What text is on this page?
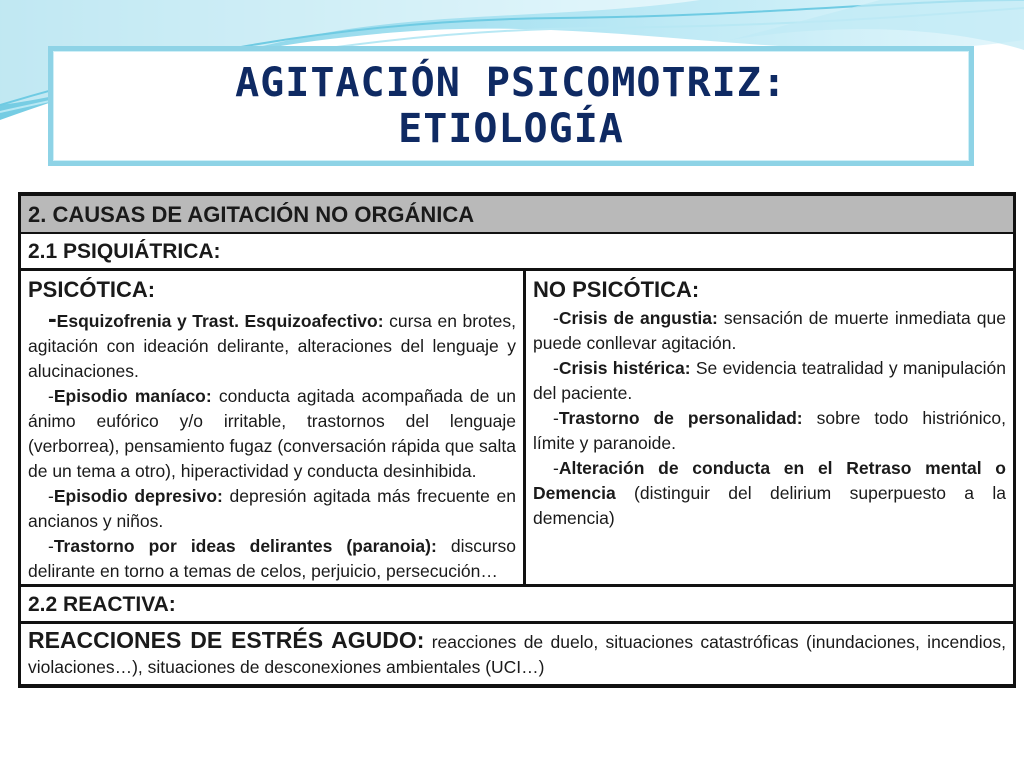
AGITACIÓN PSICOMOTRIZ:
ETIOLOGÍA
2. CAUSAS DE AGITACIÓN NO ORGÁNICA
2.1 PSIQUIÁTRICA:

PSICÓTICA:

-Esquizofrenia y Trast. Esquizoafectivo: cursa en brotes, agitación con ideación delirante, alteraciones del lenguaje y alucinaciones.

-Episodio maníaco: conducta agitada acompañada de un ánimo eufórico y/o irritable, trastornos del lenguaje (verborrea), pensamiento fugaz (conversación rápida que salta de un tema a otro), hiperactividad y conducta desinhibida.

-Episodio depresivo: depresión agitada más frecuente en ancianos y niños.

-Trastorno por ideas delirantes (paranoia): discurso delirante en torno a temas de celos, perjuicio, persecución…

NO PSICÓTICA:

-Crisis de angustia: sensación de muerte inmediata que puede conllevar agitación.

-Crisis histérica: Se evidencia teatralidad y manipulación del paciente.

-Trastorno de personalidad: sobre todo histriónico, límite y paranoide.

-Alteración de conducta en el Retraso mental o Demencia (distinguir del delirium superpuesto a la demencia)

2.2 REACTIVA:

REACCIONES DE ESTRÉS AGUDO: reacciones de duelo, situaciones catastróficas (inundaciones, incendios, violaciones…), situaciones de desconexiones ambientales (UCI…)
